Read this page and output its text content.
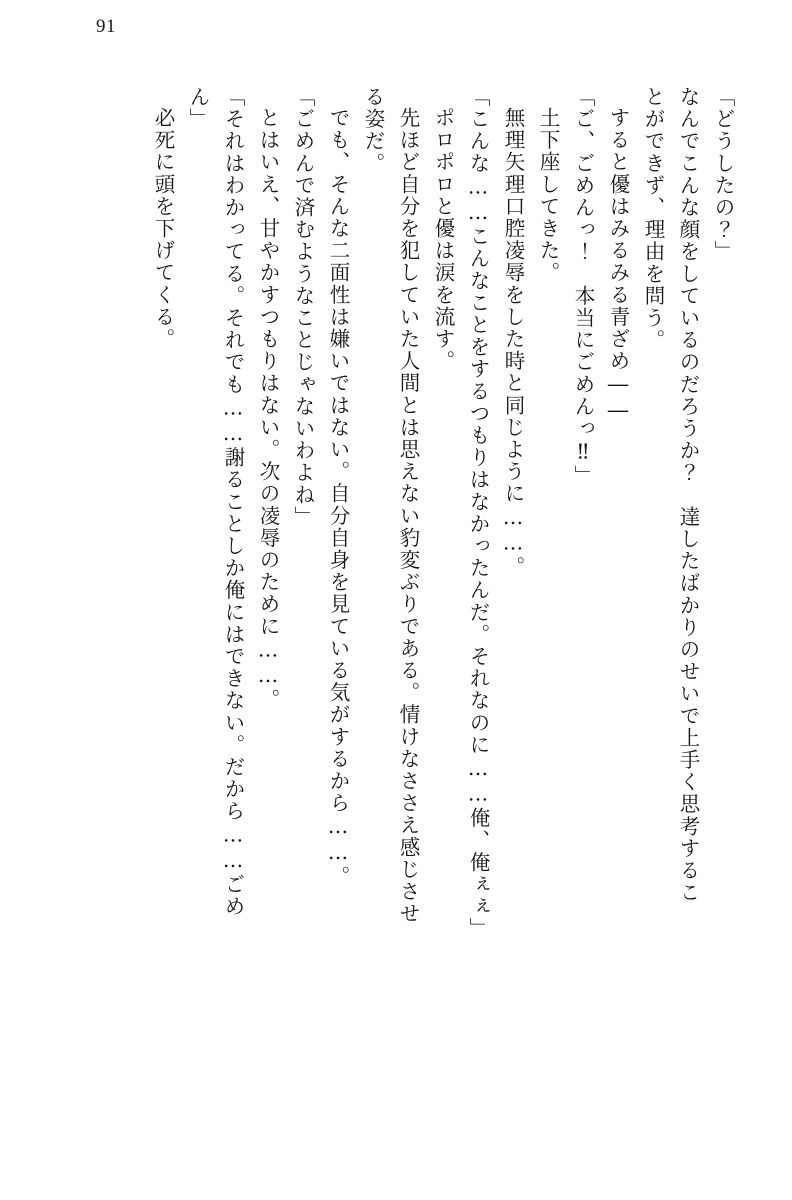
91
「どうしたの？」
なんでこんな顔をしているのだろうか？　達したばかりのせいで上手く思考するこ
とができず、理由を問う。
すると優はみるみる青ざめ――
「ご、ごめんっ！　本当にごめんっ‼」
土下座してきた。
無理矢理口腔凌辱をした時と同じように……。
「こんな……こんなことをするつもりはなかったんだ。それなのに……俺、俺ぇぇ」
ポロポロと優は涙を流す。
先ほど自分を犯していた人間とは思えない豹変ぶりである。情けなささえ感じさせ
る姿だ。
でも、そんな二面性は嫌いではない。自分自身を見ている気がするから……。
「ごめんで済むようなことじゃないわよね」
とはいえ、甘やかすつもりはない。次の凌辱のために……。
「それはわかってる。それでも……謝ることしか俺にはできない。だから……ごめ
ん」
必死に頭を下げてくる。
